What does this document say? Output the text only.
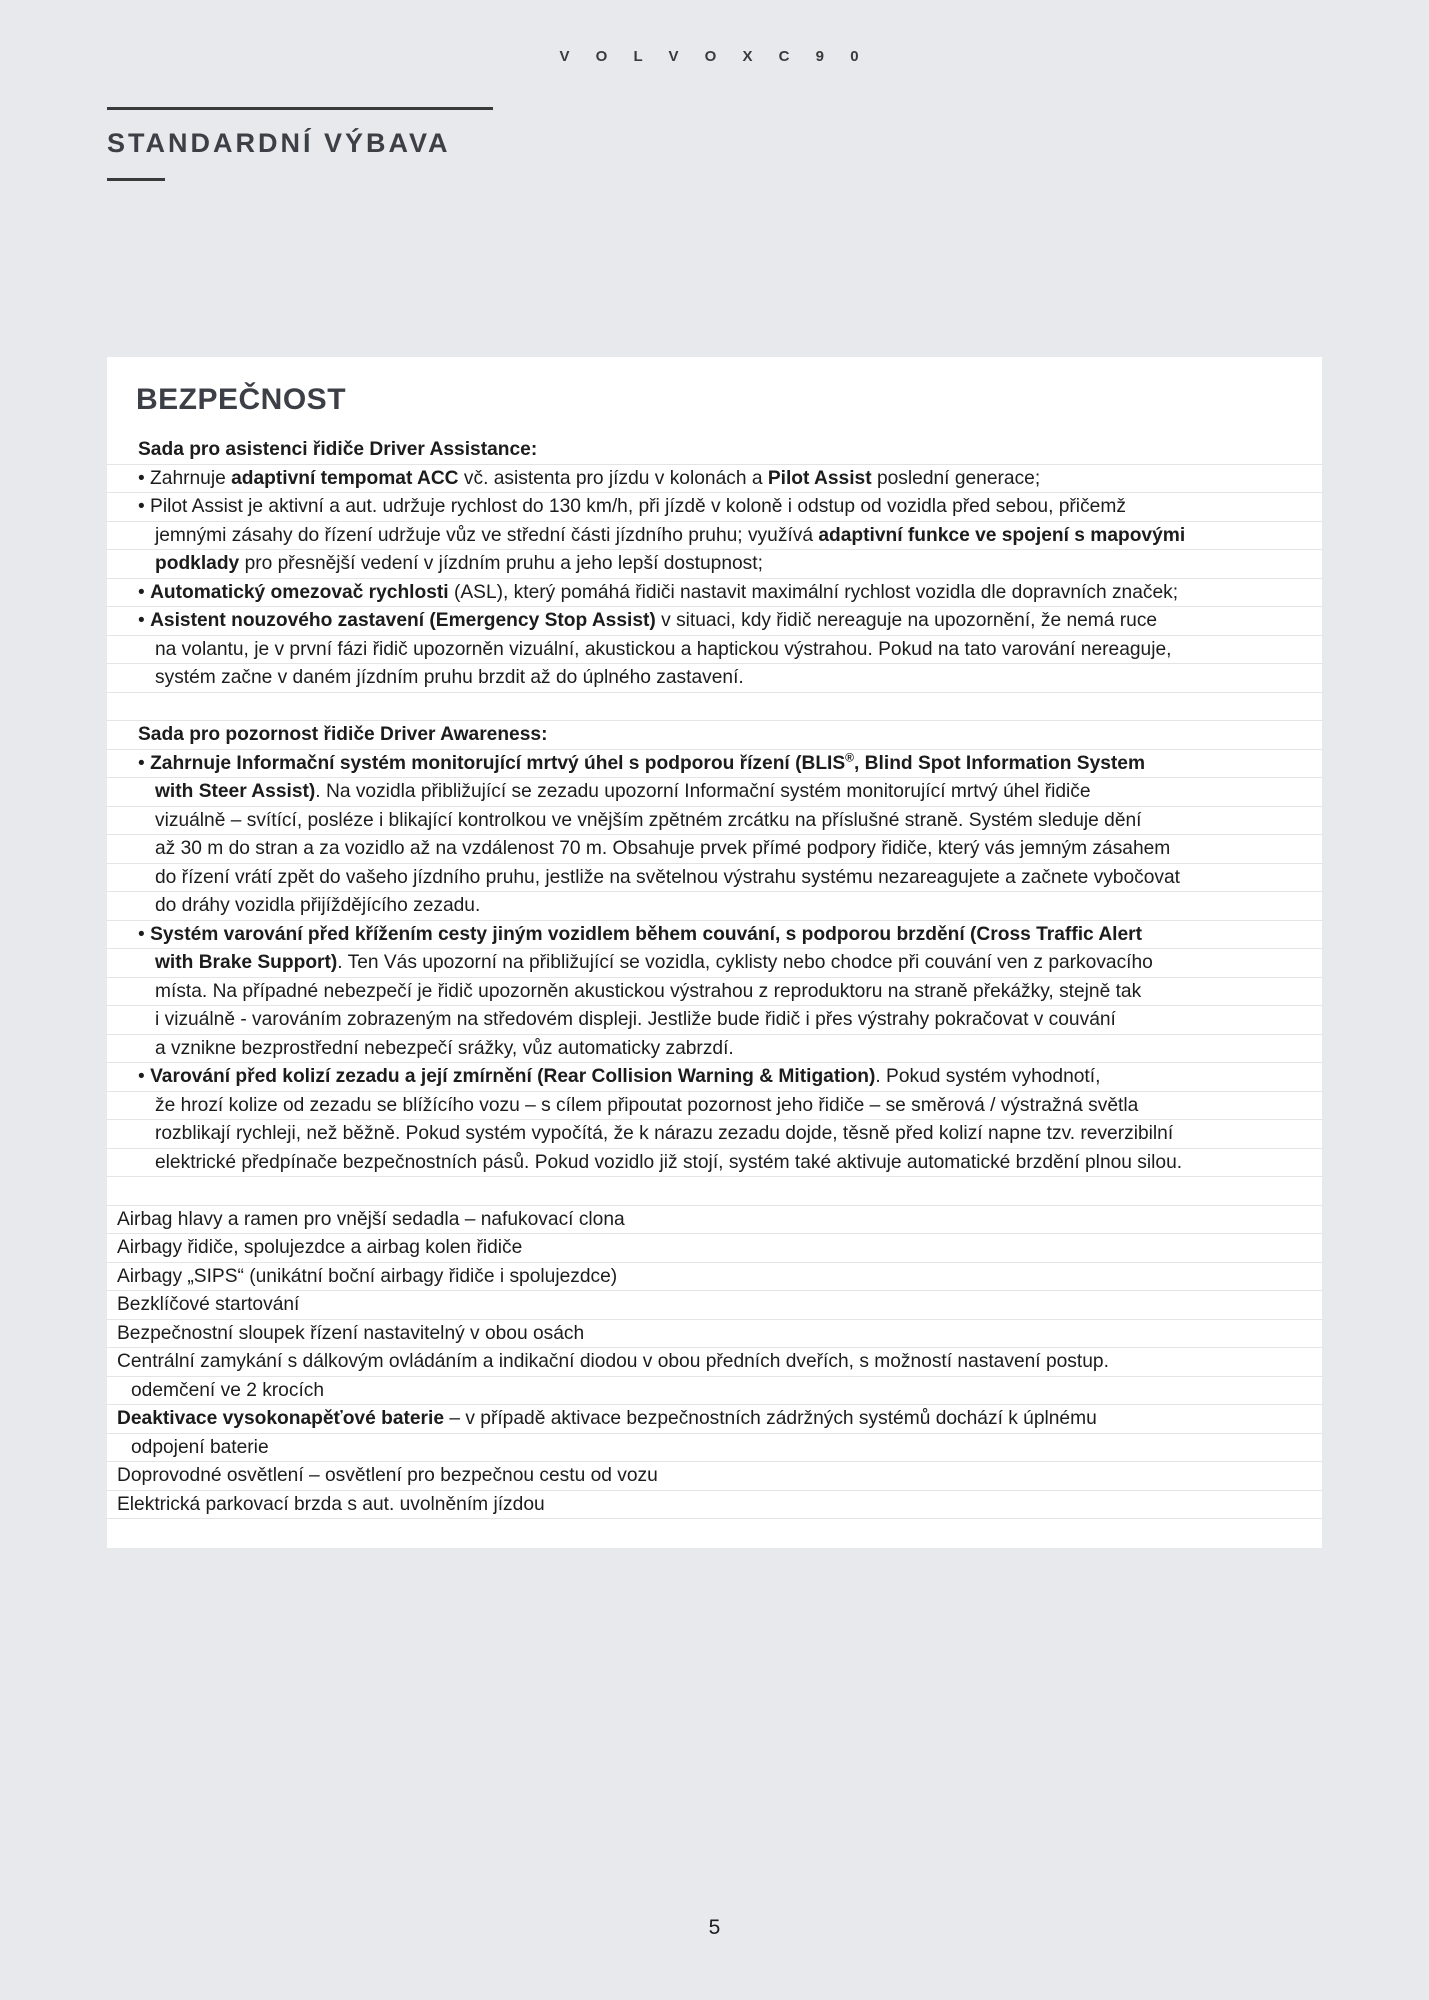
V O L V O X C 9 0
STANDARDNÍ VÝBAVA
BEZPEČNOST
Sada pro asistenci řidiče Driver Assistance:
• Zahrnuje adaptivní tempomat ACC vč. asistenta pro jízdu v kolonách a Pilot Assist poslední generace;
• Pilot Assist je aktivní a aut. udržuje rychlost do 130 km/h, při jízdě v koloně i odstup od vozidla před sebou, přičemž
jemnými zásahy do řízení udržuje vůz ve střední části jízdního pruhu; využívá adaptivní funkce ve spojení s mapovými
podklady pro přesnější vedení v jízdním pruhu a jeho lepší dostupnost;
• Automatický omezovač rychlosti (ASL), který pomáhá řidiči nastavit maximální rychlost vozidla dle dopravních značek;
• Asistent nouzového zastavení (Emergency Stop Assist) v situaci, kdy řidič nereaguje na upozornění, že nemá ruce
na volantu, je v první fázi řidič upozorněn vizuální, akustickou a haptickou výstrahou. Pokud na tato varování nereaguje,
systém začne v daném jízdním pruhu brzdit až do úplného zastavení.
Sada pro pozornost řidiče Driver Awareness:
• Zahrnuje Informační systém monitorující mrtvý úhel s podporou řízení (BLIS®, Blind Spot Information System
with Steer Assist). Na vozidla přibližující se zezadu upozorní Informační systém monitorující mrtvý úhel řidiče
vizuálně – svítící, posléze i blikající kontrolkou ve vnějším zpětném zrcátku na příslušné straně. Systém sleduje dění
až 30 m do stran a za vozidlo až na vzdálenost 70 m. Obsahuje prvek přímé podpory řidiče, který vás jemným zásahem
do řízení vrátí zpět do vašeho jízdního pruhu, jestliže na světelnou výstrahu systému nezareagujete a začnete vybočovat
do dráhy vozidla přijíždějícího zezadu.
• Systém varování před křížením cesty jiným vozidlem během couvání, s podporou brzdění (Cross Traffic Alert
with Brake Support). Ten Vás upozorní na přibližující se vozidla, cyklisty nebo chodce při couvání ven z parkovacího
místa. Na případné nebezpečí je řidič upozorněn akustickou výstrahou z reproduktoru na straně překážky, stejně tak
i vizuálně - varováním zobrazeným na středovém displeji. Jestliže bude řidič i přes výstrahy pokračovat v couvání
a vznikne bezprostřední nebezpečí srážky, vůz automaticky zabrzdí.
• Varování před kolizí zezadu a její zmírnění (Rear Collision Warning & Mitigation). Pokud systém vyhodnotí,
že hrozí kolize od zezadu se blížícího vozu – s cílem připoutat pozornost jeho řidiče – se směrová / výstražná světla
rozblikají rychleji, než běžně. Pokud systém vypočítá, že k nárazu zezadu dojde, těsně před kolizí napne tzv. reverzibilní
elektrické předpínače bezpečnostních pásů. Pokud vozidlo již stojí, systém také aktivuje automatické brzdění plnou silou.
Airbag hlavy a ramen pro vnější sedadla – nafukovací clona
Airbagy řidiče, spolujezdce a airbag kolen řidiče
Airbagy „SIPS“ (unikátní boční airbagy řidiče i spolujezdce)
Bezklíčové startování
Bezpečnostní sloupek řízení nastavitelný v obou osách
Centrální zamykání s dálkovým ovládáním a indikační diodou v obou předních dveřích, s možností nastavení postup.
odemčení ve 2 krocích
Deaktivace vysokonapěťové baterie – v případě aktivace bezpečnostních zádržných systémů dochází k úplnému
odpojení baterie
Doprovodné osvětlení – osvětlení pro bezpečnou cestu od vozu
Elektrická parkovací brzda s aut. uvolněním jízdou
5
